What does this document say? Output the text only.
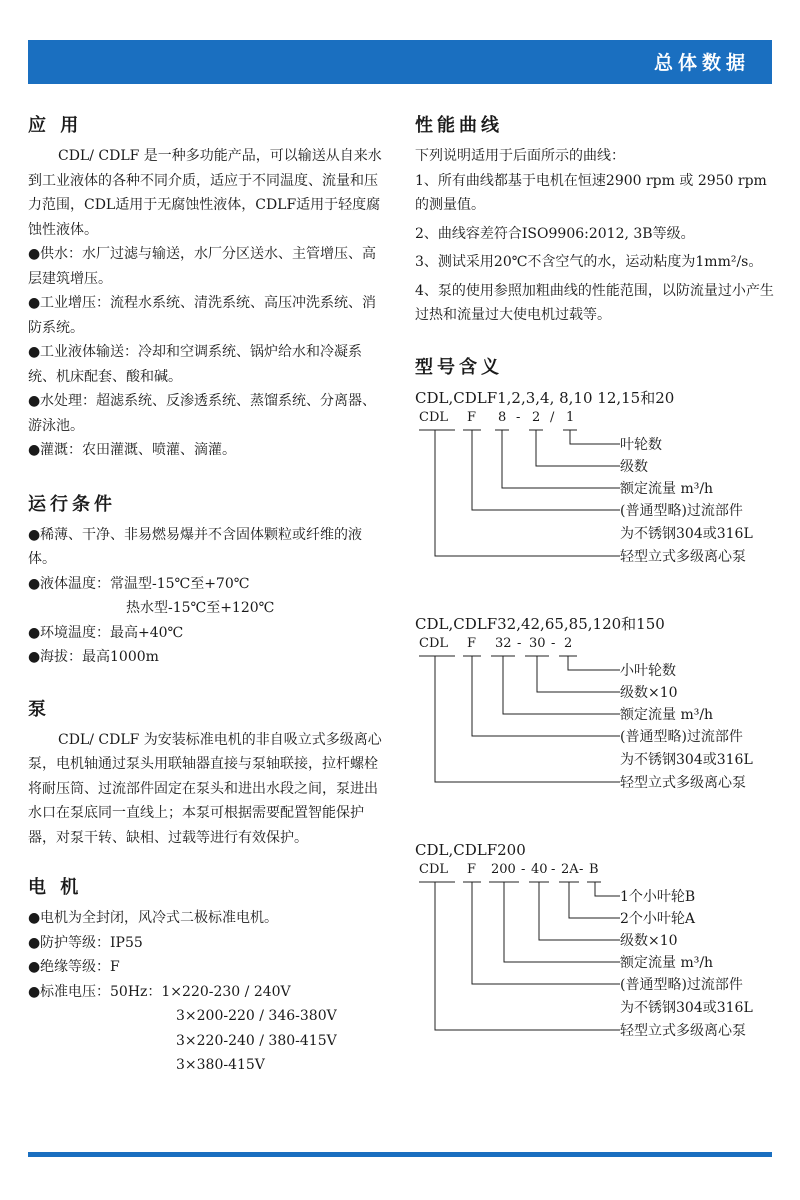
总体数据
应 用

CDL/ CDLF 是一种多功能产品，可以输送从自来水到工业液体的各种不同介质，适应于不同温度、流量和压力范围，CDL适用于无腐蚀性液体，CDLF适用于轻度腐蚀性液体。

●供水：水厂过滤与输送，水厂分区送水、主管增压、高层建筑增压。
●工业增压：流程水系统、清洗系统、高压冲洗系统、消防系统。
●工业液体输送：冷却和空调系统、锅炉给水和冷凝系统、机床配套、酸和碱。
●水处理：超滤系统、反渗透系统、蒸馏系统、分离器、游泳池。
●灌溉：农田灌溉、喷灌、滴灌。
运行条件
●稀薄、干净、非易燃易爆并不含固体颗粒或纤维的液体。
●液体温度：常温型-15℃至+70℃
热水型-15℃至+120℃
●环境温度：最高+40℃
●海拔：最高1000m
泵

CDL/ CDLF 为安装标准电机的非自吸立式多级离心泵，电机轴通过泵头用联轴器直接与泵轴联接，拉杆螺栓将耐压筒、过流部件固定在泵头和进出水段之间，泵进出水口在泵底同一直线上；本泵可根据需要配置智能保护器，对泵干转、缺相、过载等进行有效保护。

电 机
●电机为全封闭，风冷式二极标准电机。
●防护等级：IP55
●绝缘等级：F
●标准电压：50Hz：1×220-230 / 240V
3×200-220 / 346-380V
3×220-240 / 380-415V
3×380-415V
性能曲线

下列说明适用于后面所示的曲线：

1、所有曲线都基于电机在恒速2900 rpm 或 2950 rpm的测量值。

2、曲线容差符合ISO9906:2012, 3B等级。

3、测试采用20℃不含空气的水，运动粘度为1mm²/s。

4、泵的使用参照加粗曲线的性能范围，以防流量过小产生过热和流量过大使电机过载等。

型号含义
CDL,CDLF1,2,3,4, 8,10 12,15和20
CDL F 8 - 2 / 1
叶轮数
级数
额定流量 m³/h
(普通型略)过流部件
为不锈钢304或316L
轻型立式多级离心泵
CDL,CDLF32,42,65,85,120和150
CDL F 32 - 30 - 2
小叶轮数
级数×10
额定流量 m³/h
(普通型略)过流部件
为不锈钢304或316L
轻型立式多级离心泵
CDL,CDLF200
CDL F 200 - 40 - 2A - B
1个小叶轮B
2个小叶轮A
级数×10
额定流量 m³/h
(普通型略)过流部件
为不锈钢304或316L
轻型立式多级离心泵
